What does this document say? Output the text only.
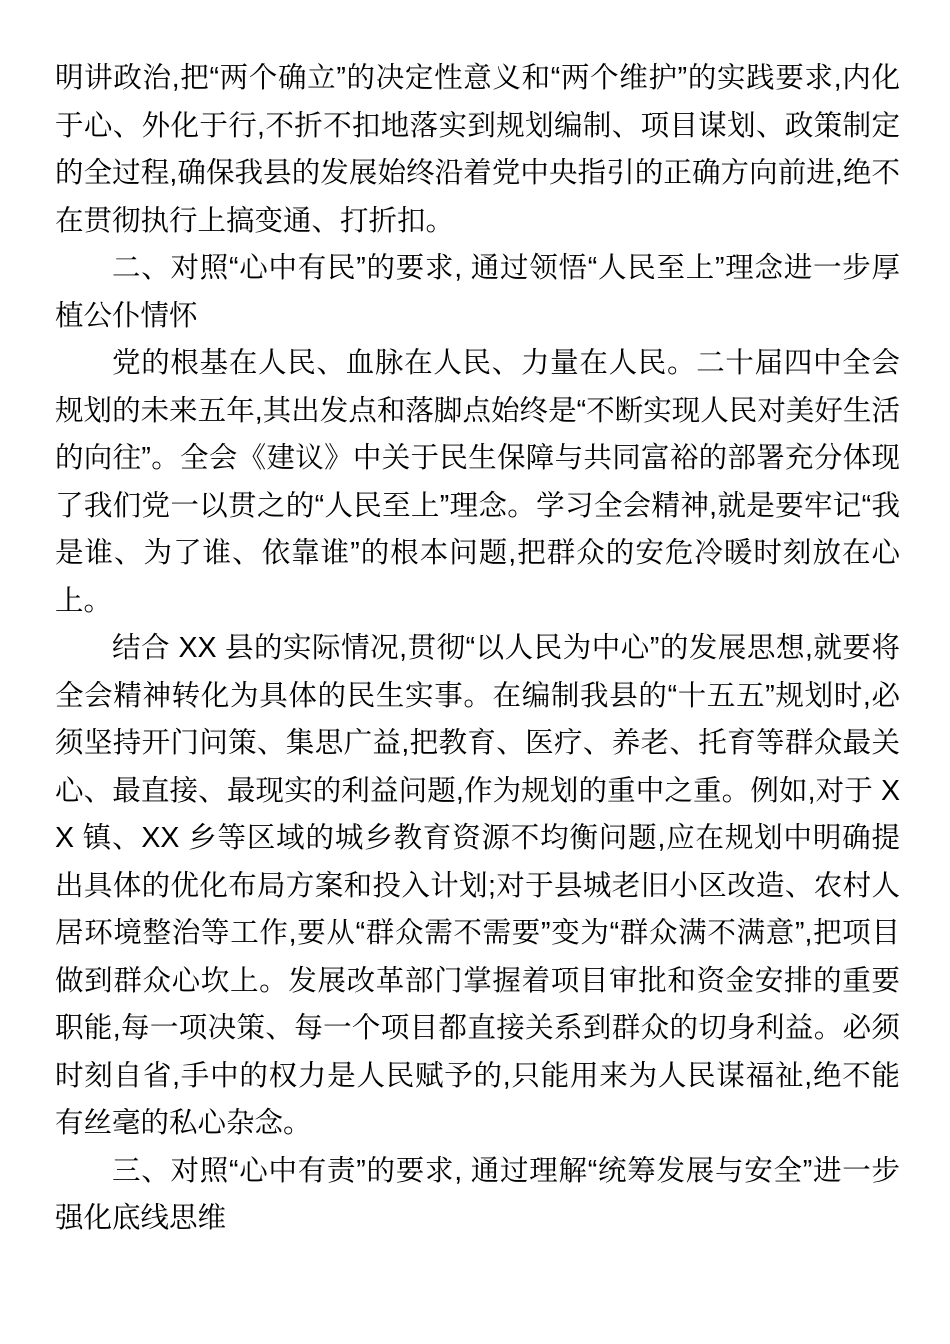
明讲政治,把“两个确立”的决定性意义和“两个维护”的实践要求,内化于心、外化于行,不折不扣地落实到规划编制、项目谋划、政策制定的全过程,确保我县的发展始终沿着党中央指引的正确方向前进,绝不在贯彻执行上搞变通、打折扣。

二、对照“心中有民”的要求, 通过领悟“人民至上”理念进一步厚植公仆情怀

党的根基在人民、血脉在人民、力量在人民。二十届四中全会规划的未来五年,其出发点和落脚点始终是“不断实现人民对美好生活的向往”。全会《建议》中关于民生保障与共同富裕的部署充分体现了我们党一以贯之的“人民至上”理念。学习全会精神,就是要牢记“我是谁、为了谁、依靠谁”的根本问题,把群众的安危冷暖时刻放在心上。

结合 XX 县的实际情况,贯彻“以人民为中心”的发展思想,就要将全会精神转化为具体的民生实事。在编制我县的“十五五”规划时,必须坚持开门问策、集思广益,把教育、医疗、养老、托育等群众最关心、最直接、最现实的利益问题,作为规划的重中之重。例如,对于 XX 镇、XX 乡等区域的城乡教育资源不均衡问题,应在规划中明确提出具体的优化布局方案和投入计划;对于县城老旧小区改造、农村人居环境整治等工作,要从“群众需不需要”变为“群众满不满意”,把项目做到群众心坎上。发展改革部门掌握着项目审批和资金安排的重要职能,每一项决策、每一个项目都直接关系到群众的切身利益。必须时刻自省,手中的权力是人民赋予的,只能用来为人民谋福祉,绝不能有丝毫的私心杂念。

三、对照“心中有责”的要求, 通过理解“统筹发展与安全”进一步强化底线思维
